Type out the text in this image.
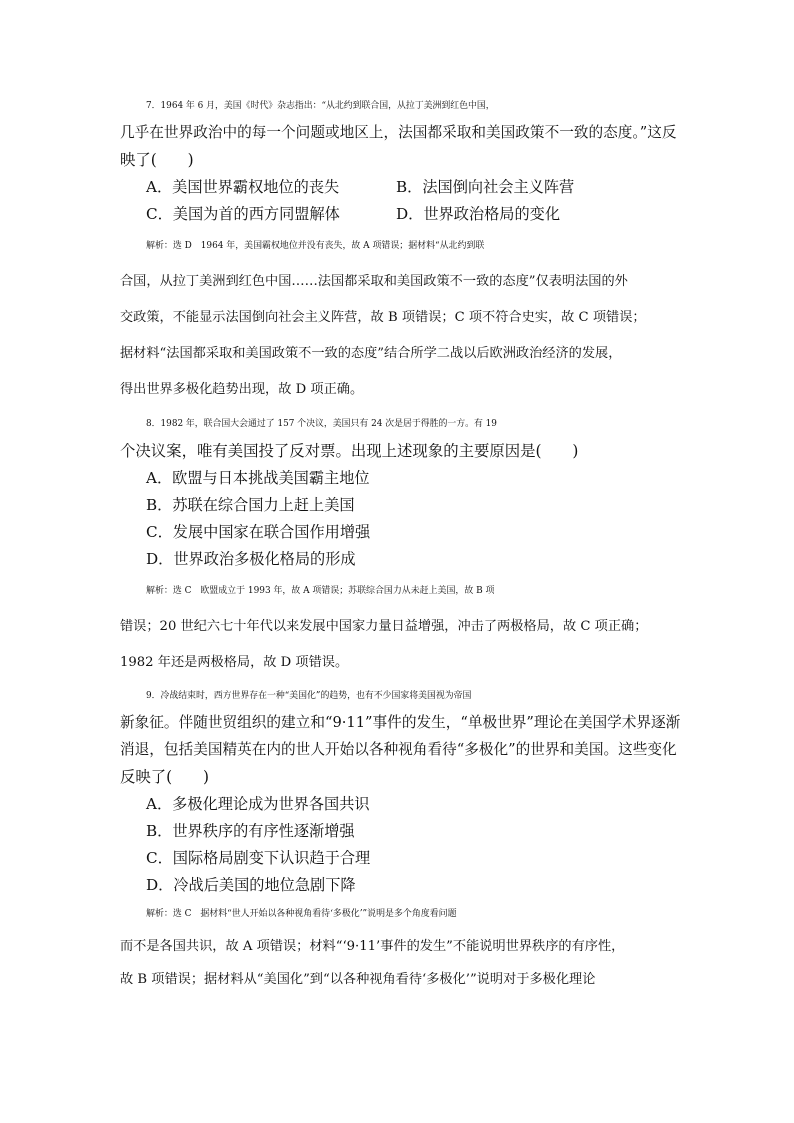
7．1964 年 6 月，美国《时代》杂志指出：“从北约到联合国，从拉丁美洲到红色中国，
几乎在世界政治中的每一个问题或地区上，法国都采取和美国政策不一致的态度。”这反
映了(　　)
A．美国世界霸权地位的丧失	B．法国倒向社会主义阵营
C．美国为首的西方同盟解体	D．世界政治格局的变化
解析：选 D　1964 年，美国霸权地位并没有丧失，故 A 项错误；据材料“从北约到联
合国，从拉丁美洲到红色中国……法国都采取和美国政策不一致的态度”仅表明法国的外
交政策，不能显示法国倒向社会主义阵营，故 B 项错误；C 项不符合史实，故 C 项错误；
据材料“法国都采取和美国政策不一致的态度”结合所学二战以后欧洲政治经济的发展，
得出世界多极化趋势出现，故 D 项正确。
8．1982 年，联合国大会通过了 157 个决议，美国只有 24 次是居于得胜的一方。有 19
个决议案，唯有美国投了反对票。出现上述现象的主要原因是(　　)
A．欧盟与日本挑战美国霸主地位
B．苏联在综合国力上赶上美国
C．发展中国家在联合国作用增强
D．世界政治多极化格局的形成
解析：选 C　欧盟成立于 1993 年，故 A 项错误；苏联综合国力从未赶上美国，故 B 项
错误；20 世纪六七十年代以来发展中国家力量日益增强，冲击了两极格局，故 C 项正确；
1982 年还是两极格局，故 D 项错误。
9．冷战结束时，西方世界存在一种“美国化”的趋势，也有不少国家将美国视为帝国
新象征。伴随世贸组织的建立和“9·11”事件的发生，“单极世界”理论在美国学术界逐渐
消退，包括美国精英在内的世人开始以各种视角看待“多极化”的世界和美国。这些变化
反映了(　　)
A．多极化理论成为世界各国共识
B．世界秩序的有序性逐渐增强
C．国际格局剧变下认识趋于合理
D．冷战后美国的地位急剧下降
解析：选 C　据材料“世人开始以各种视角看待‘多极化’”说明是多个角度看问题
而不是各国共识，故 A 项错误；材料“‘9·11’事件的发生”不能说明世界秩序的有序性，
故 B 项错误；据材料从“美国化”到“以各种视角看待‘多极化’”说明对于多极化理论
